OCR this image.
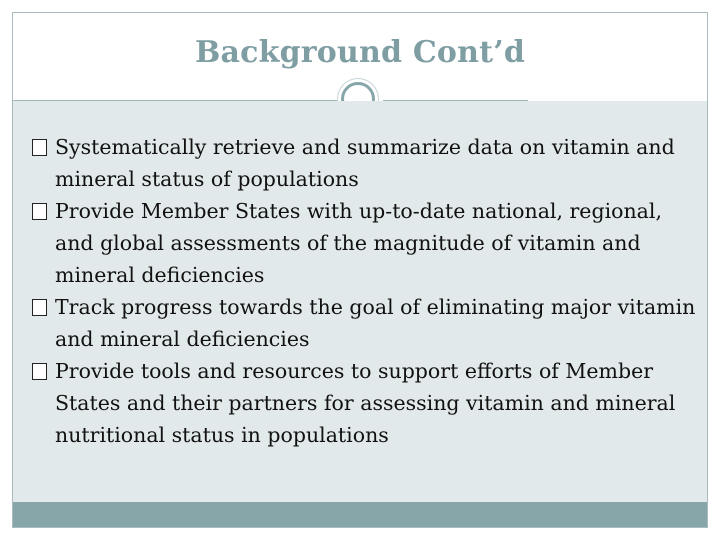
Background Cont’d
Systematically retrieve and summarize data on vitamin and mineral status of populations
Provide Member States with up-to-date national, regional, and global assessments of the magnitude of vitamin and mineral deficiencies
Track progress towards the goal of eliminating major vitamin and mineral deficiencies
Provide tools and resources to support efforts of Member States and their partners for assessing vitamin and mineral nutritional status in populations
